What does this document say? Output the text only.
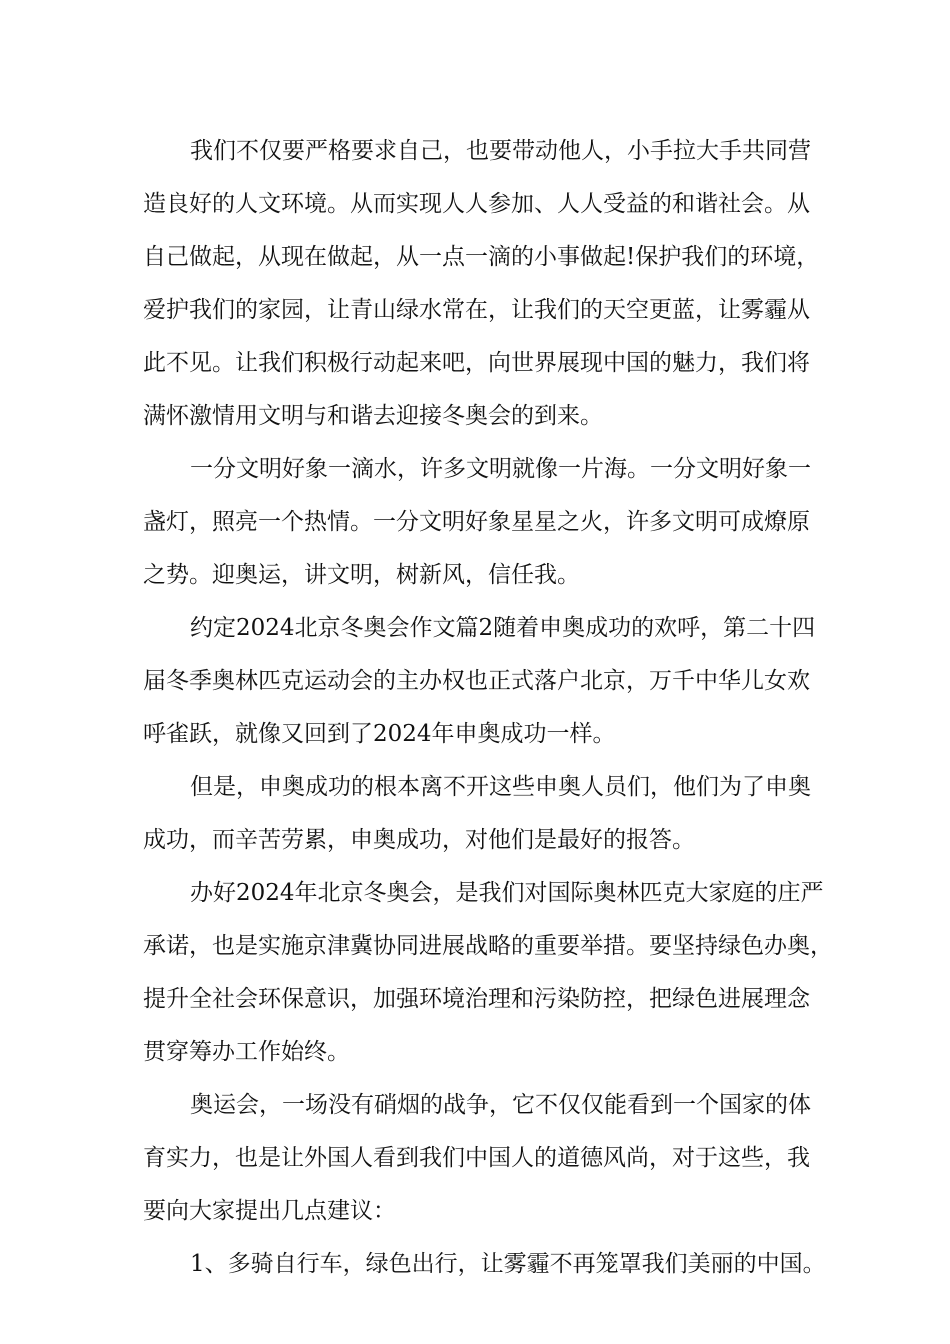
我们不仅要严格要求自己，也要带动他人，小手拉大手共同营
造良好的人文环境。从而实现人人参加、人人受益的和谐社会。从
自己做起，从现在做起，从一点一滴的小事做起!保护我们的环境，
爱护我们的家园，让青山绿水常在，让我们的天空更蓝，让雾霾从
此不见。让我们积极行动起来吧，向世界展现中国的魅力，我们将
满怀激情用文明与和谐去迎接冬奥会的到来。
一分文明好象一滴水，许多文明就像一片海。一分文明好象一
盏灯，照亮一个热情。一分文明好象星星之火，许多文明可成燎原
之势。迎奥运，讲文明，树新风，信任我。
约定2024北京冬奥会作文篇2随着申奥成功的欢呼，第二十四
届冬季奥林匹克运动会的主办权也正式落户北京，万千中华儿女欢
呼雀跃，就像又回到了2024年申奥成功一样。
但是，申奥成功的根本离不开这些申奥人员们，他们为了申奥
成功，而辛苦劳累，申奥成功，对他们是最好的报答。
办好2024年北京冬奥会，是我们对国际奥林匹克大家庭的庄严
承诺，也是实施京津冀协同进展战略的重要举措。要坚持绿色办奥，
提升全社会环保意识，加强环境治理和污染防控，把绿色进展理念
贯穿筹办工作始终。
奥运会，一场没有硝烟的战争，它不仅仅能看到一个国家的体
育实力，也是让外国人看到我们中国人的道德风尚，对于这些，我
要向大家提出几点建议：
1、多骑自行车，绿色出行，让雾霾不再笼罩我们美丽的中国。
